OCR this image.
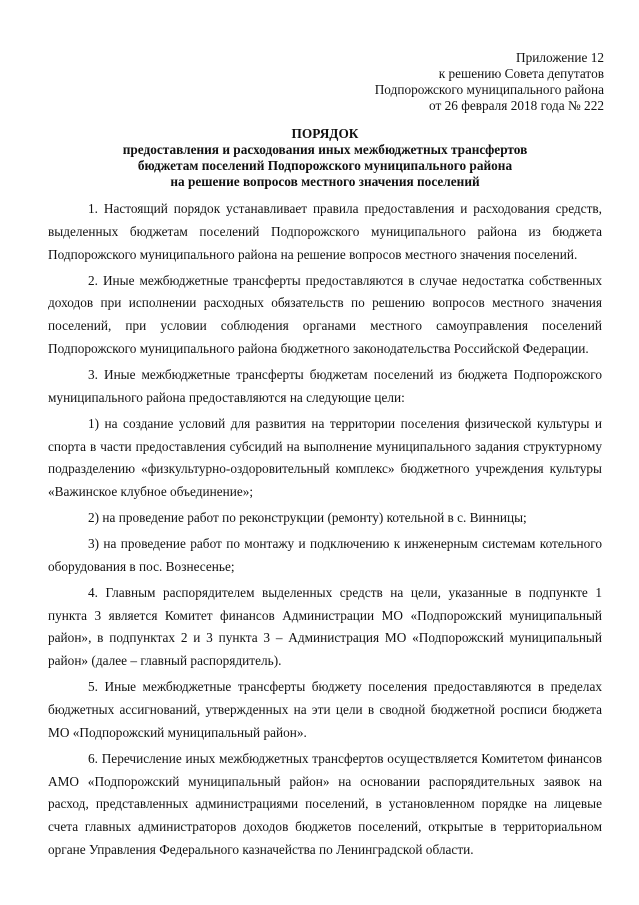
Приложение 12
к решению Совета депутатов
Подпорожского муниципального района
от 26 февраля 2018 года № 222
ПОРЯДОК
предоставления и расходования иных межбюджетных трансфертов
бюджетам поселений Подпорожского муниципального района
на решение вопросов местного значения поселений

1. Настоящий порядок устанавливает правила предоставления и расходования средств, выделенных бюджетам поселений Подпорожского муниципального района из бюджета Подпорожского муниципального района на решение вопросов местного значения поселений.

2. Иные межбюджетные трансферты предоставляются в случае недостатка собственных доходов при исполнении расходных обязательств по решению вопросов местного значения поселений, при условии соблюдения органами местного самоуправления поселений Подпорожского муниципального района бюджетного законодательства Российской Федерации.

3. Иные межбюджетные трансферты бюджетам поселений из бюджета Подпорожского муниципального района предоставляются на следующие цели:

1) на создание условий для развития на территории поселения физической культуры и спорта в части предоставления субсидий на выполнение муниципального задания структурному подразделению «физкультурно-оздоровительный комплекс» бюджетного учреждения культуры «Важинское клубное объединение»;

2) на проведение работ по реконструкции (ремонту) котельной в с. Винницы;

3) на проведение работ по монтажу и подключению к инженерным системам котельного оборудования в пос. Вознесенье;

4. Главным распорядителем выделенных средств на цели, указанные в подпункте 1 пункта 3 является Комитет финансов Администрации МО «Подпорожский муниципальный район», в подпунктах 2 и 3 пункта 3 – Администрация МО «Подпорожский муниципальный район» (далее – главный распорядитель).

5. Иные межбюджетные трансферты бюджету поселения предоставляются в пределах бюджетных ассигнований, утвержденных на эти цели в сводной бюджетной росписи бюджета МО «Подпорожский муниципальный район».

6. Перечисление иных межбюджетных трансфертов осуществляется Комитетом финансов АМО «Подпорожский муниципальный район» на основании распорядительных заявок на расход, представленных администрациями поселений, в установленном порядке на лицевые счета главных администраторов доходов бюджетов поселений, открытые в территориальном органе Управления Федерального казначейства по Ленинградской области.
